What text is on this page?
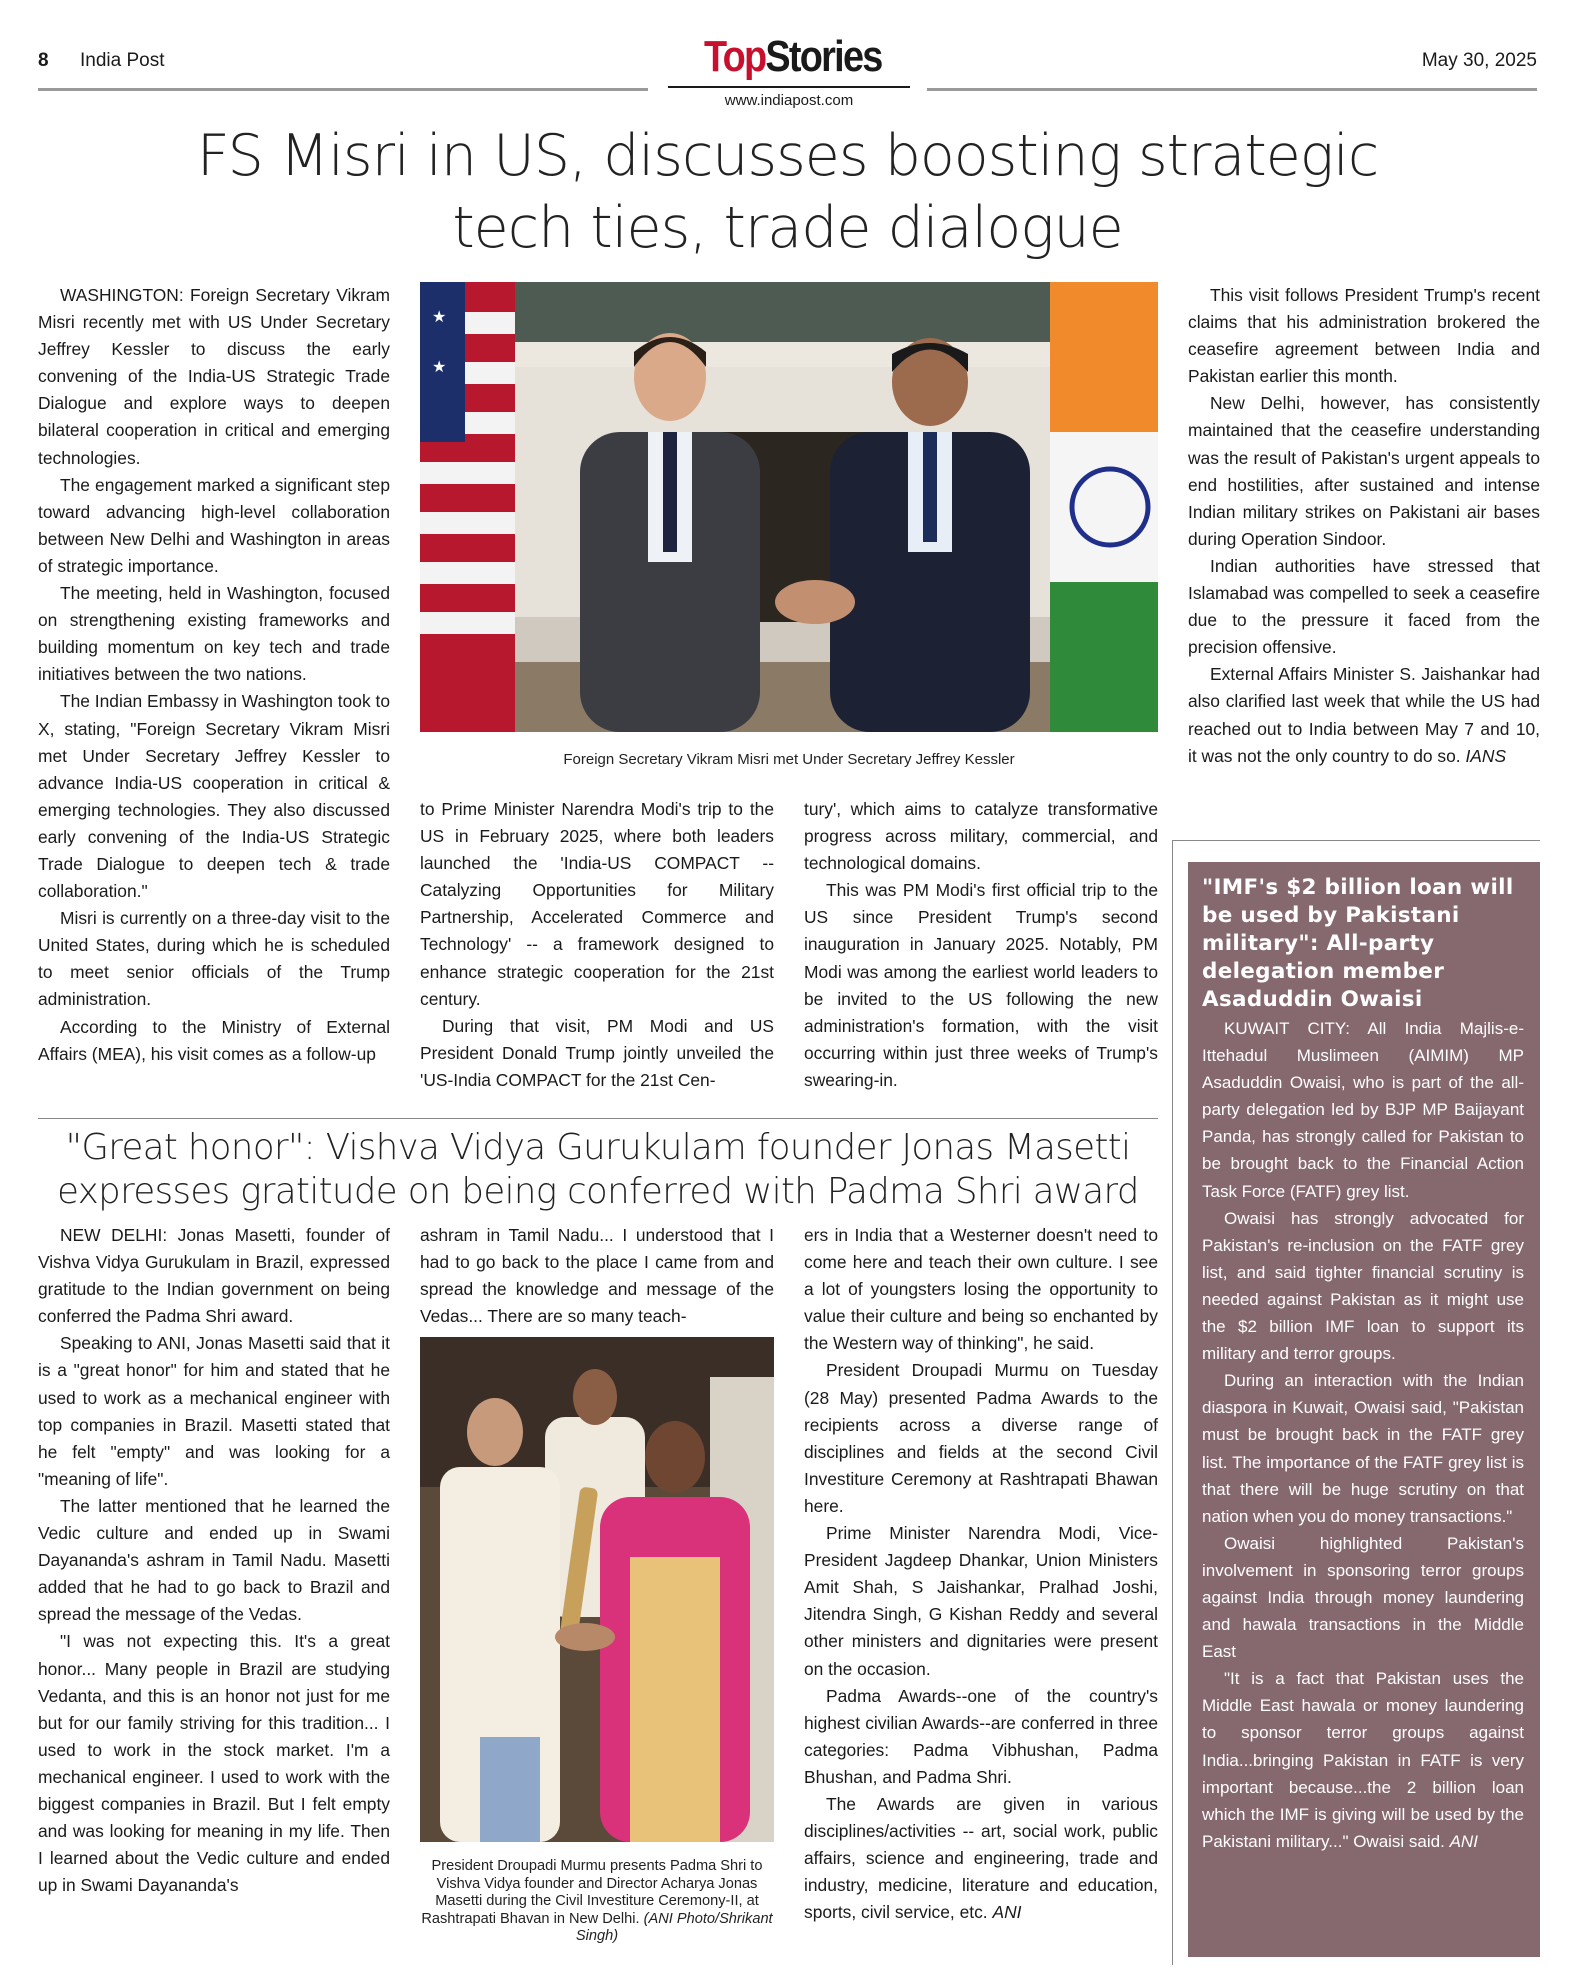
8 India Post	TopStories
www.indiapost.com
May 30, 2025
FS Misri in US, discusses boosting strategic
tech ties, trade dialogue

WASHINGTON: Foreign Secretary Vikram Misri recently met with US Under Secretary Jeffrey Kessler to discuss the early convening of the India-US Strategic Trade Dialogue and explore ways to deepen bilateral cooperation in critical and emerging technologies.

The engagement marked a significant step toward advancing high-level collaboration between New Delhi and Washington in areas of strategic importance.

The meeting, held in Washington, focused on strengthening existing frameworks and building momentum on key tech and trade initiatives between the two nations.

The Indian Embassy in Washington took to X, stating, "Foreign Secretary Vikram Misri met Under Secretary Jeffrey Kessler to advance India-US cooperation in critical & emerging technologies. They also discussed early convening of the India-US Strategic Trade Dialogue to deepen tech & trade collaboration."

Misri is currently on a three-day visit to the United States, during which he is scheduled to meet senior officials of the Trump administration.

According to the Ministry of External Affairs (MEA), his visit comes as a follow-up

★
★
Foreign Secretary Vikram Misri met Under Secretary Jeffrey Kessler

to Prime Minister Narendra Modi's trip to the US in February 2025, where both leaders launched the 'India-US COMPACT -- Catalyzing Opportunities for Military Partnership, Accelerated Commerce and Technology' -- a framework designed to enhance strategic cooperation for the 21st century.

During that visit, PM Modi and US President Donald Trump jointly unveiled the 'US-India COMPACT for the 21st Cen-

tury', which aims to catalyze transformative progress across military, commercial, and technological domains.

This was PM Modi's first official trip to the US since President Trump's second inauguration in January 2025. Notably, PM Modi was among the earliest world leaders to be invited to the US following the new administration's formation, with the visit occurring within just three weeks of Trump's swearing-in.

This visit follows President Trump's recent claims that his administration brokered the ceasefire agreement between India and Pakistan earlier this month.

New Delhi, however, has consistently maintained that the ceasefire understanding was the result of Pakistan's urgent appeals to end hostilities, after sustained and intense Indian military strikes on Pakistani air bases during Operation Sindoor.

Indian authorities have stressed that Islamabad was compelled to seek a ceasefire due to the pressure it faced from the precision offensive.

External Affairs Minister S. Jaishankar had also clarified last week that while the US had reached out to India between May 7 and 10, it was not the only country to do so. IANS

"IMF's $2 billion loan will be used by Pakistani military": All-party delegation member Asaduddin Owaisi

KUWAIT CITY: All India Majlis-e-Ittehadul Muslimeen (AIMIM) MP Asaduddin Owaisi, who is part of the all-party delegation led by BJP MP Baijayant Panda, has strongly called for Pakistan to be brought back to the Financial Action Task Force (FATF) grey list.

Owaisi has strongly advocated for Pakistan's re-inclusion on the FATF grey list, and said tighter financial scrutiny is needed against Pakistan as it might use the $2 billion IMF loan to support its military and terror groups.

During an interaction with the Indian diaspora in Kuwait, Owaisi said, "Pakistan must be brought back in the FATF grey list. The importance of the FATF grey list is that there will be huge scrutiny on that nation when you do money transactions."

Owaisi highlighted Pakistan's involvement in sponsoring terror groups against India through money laundering and hawala transactions in the Middle East

"It is a fact that Pakistan uses the Middle East hawala or money laundering to sponsor terror groups against India...bringing Pakistan in FATF is very important because...the 2 billion loan which the IMF is giving will be used by the Pakistani military..." Owaisi said. ANI

"Great honor": Vishva Vidya Gurukulam founder Jonas Masetti
expresses gratitude on being conferred with Padma Shri award

NEW DELHI: Jonas Masetti, founder of Vishva Vidya Gurukulam in Brazil, expressed gratitude to the Indian government on being conferred the Padma Shri award.

Speaking to ANI, Jonas Masetti said that it is a "great honor" for him and stated that he used to work as a mechanical engineer with top companies in Brazil. Masetti stated that he felt "empty" and was looking for a "meaning of life".

The latter mentioned that he learned the Vedic culture and ended up in Swami Dayananda's ashram in Tamil Nadu. Masetti added that he had to go back to Brazil and spread the message of the Vedas.

"I was not expecting this. It's a great honor... Many people in Brazil are studying Vedanta, and this is an honor not just for me but for our family striving for this tradition... I used to work in the stock market. I'm a mechanical engineer. I used to work with the biggest companies in Brazil. But I felt empty and was looking for meaning in my life. Then I learned about the Vedic culture and ended up in Swami Dayananda's

ashram in Tamil Nadu... I understood that I had to go back to the place I came from and spread the knowledge and message of the Vedas... There are so many teach-

President Droupadi Murmu presents Padma Shri to Vishva Vidya founder and Director Acharya Jonas Masetti during the Civil Investiture Ceremony-II, at Rashtrapati Bhavan in New Delhi. (ANI Photo/Shrikant Singh)

ers in India that a Westerner doesn't need to come here and teach their own culture. I see a lot of youngsters losing the opportunity to value their culture and being so enchanted by the Western way of thinking", he said.

President Droupadi Murmu on Tuesday (28 May) presented Padma Awards to the recipients across a diverse range of disciplines and fields at the second Civil Investiture Ceremony at Rashtrapati Bhawan here.

Prime Minister Narendra Modi, Vice-President Jagdeep Dhankar, Union Ministers Amit Shah, S Jaishankar, Pralhad Joshi, Jitendra Singh, G Kishan Reddy and several other ministers and dignitaries were present on the occasion.

Padma Awards--one of the country's highest civilian Awards--are conferred in three categories: Padma Vibhushan, Padma Bhushan, and Padma Shri.

The Awards are given in various disciplines/activities -- art, social work, public affairs, science and engineering, trade and industry, medicine, literature and education, sports, civil service, etc. ANI
